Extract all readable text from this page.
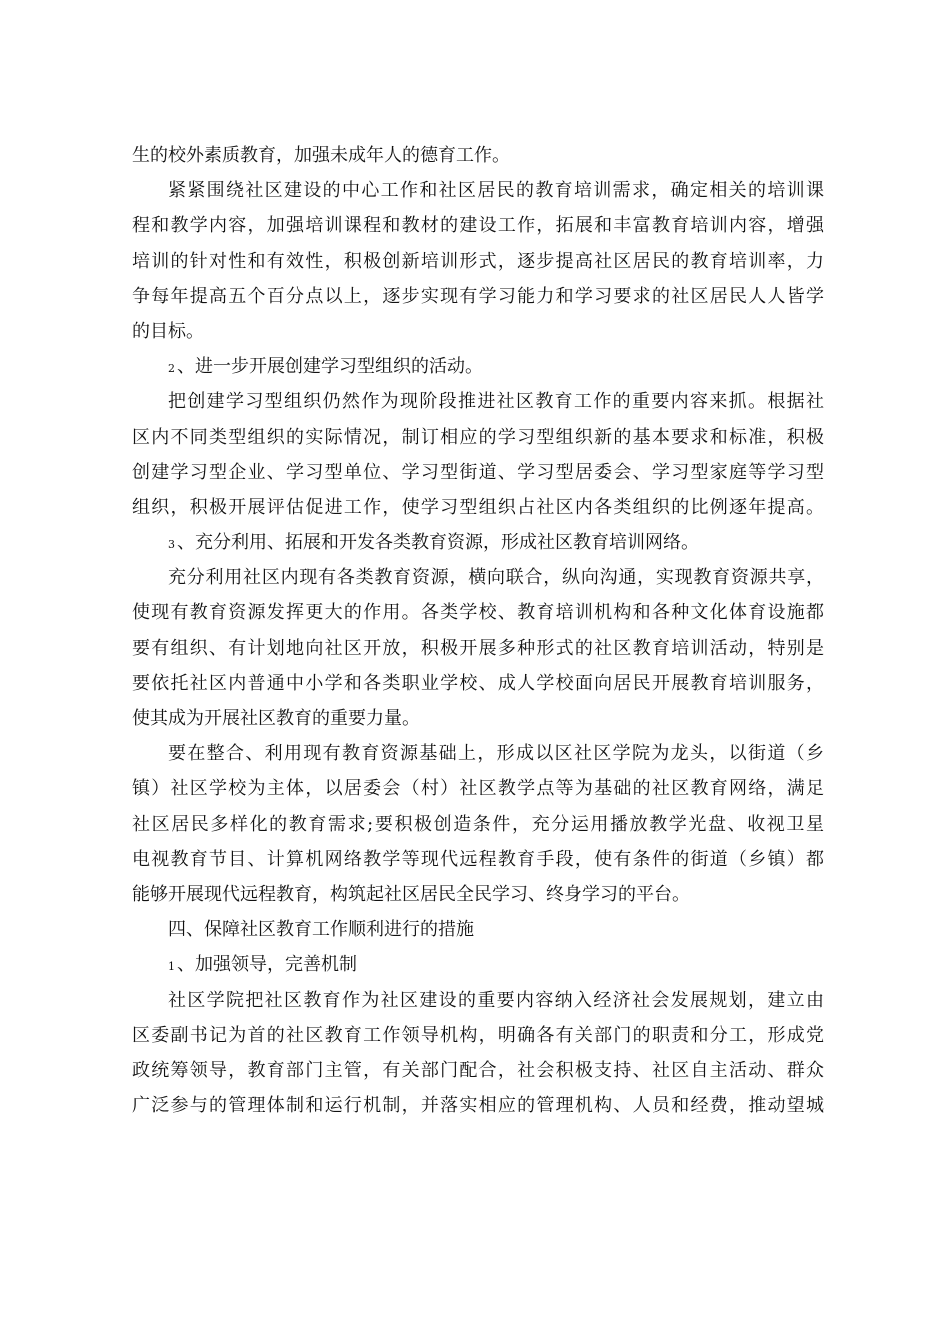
生的校外素质教育，加强未成年人的德育工作。
紧紧围绕社区建设的中心工作和社区居民的教育培训需求，确定相关的培训课
程和教学内容，加强培训课程和教材的建设工作，拓展和丰富教育培训内容，增强
培训的针对性和有效性，积极创新培训形式，逐步提高社区居民的教育培训率，力
争每年提高五个百分点以上，逐步实现有学习能力和学习要求的社区居民人人皆学
的目标。
2 、进一步开展创建学习型组织的活动。
把创建学习型组织仍然作为现阶段推进社区教育工作的重要内容来抓。根据社
区内不同类型组织的实际情况，制订相应的学习型组织新的基本要求和标准，积极
创建学习型企业、学习型单位、学习型街道、学习型居委会、学习型家庭等学习型
组织，积极开展评估促进工作，使学习型组织占社区内各类组织的比例逐年提高。
3 、充分利用、拓展和开发各类教育资源，形成社区教育培训网络。
充分利用社区内现有各类教育资源，横向联合，纵向沟通，实现教育资源共享，
使现有教育资源发挥更大的作用。各类学校、教育培训机构和各种文化体育设施都
要有组织、有计划地向社区开放，积极开展多种形式的社区教育培训活动，特别是
要依托社区内普通中小学和各类职业学校、成人学校面向居民开展教育培训服务，
使其成为开展社区教育的重要力量。
要在整合、利用现有教育资源基础上，形成以区社区学院为龙头，以街道（乡
镇）社区学校为主体，以居委会（村）社区教学点等为基础的社区教育网络，满足
社区居民多样化的教育需求;要积极创造条件，充分运用播放教学光盘、收视卫星
电视教育节目、计算机网络教学等现代远程教育手段，使有条件的街道（乡镇）都
能够开展现代远程教育，构筑起社区居民全民学习、终身学习的平台。
四、保障社区教育工作顺利进行的措施
1 、加强领导，完善机制
社区学院把社区教育作为社区建设的重要内容纳入经济社会发展规划，建立由
区委副书记为首的社区教育工作领导机构，明确各有关部门的职责和分工，形成党
政统筹领导，教育部门主管，有关部门配合，社会积极支持、社区自主活动、群众
广泛参与的管理体制和运行机制，并落实相应的管理机构、人员和经费，推动望城
